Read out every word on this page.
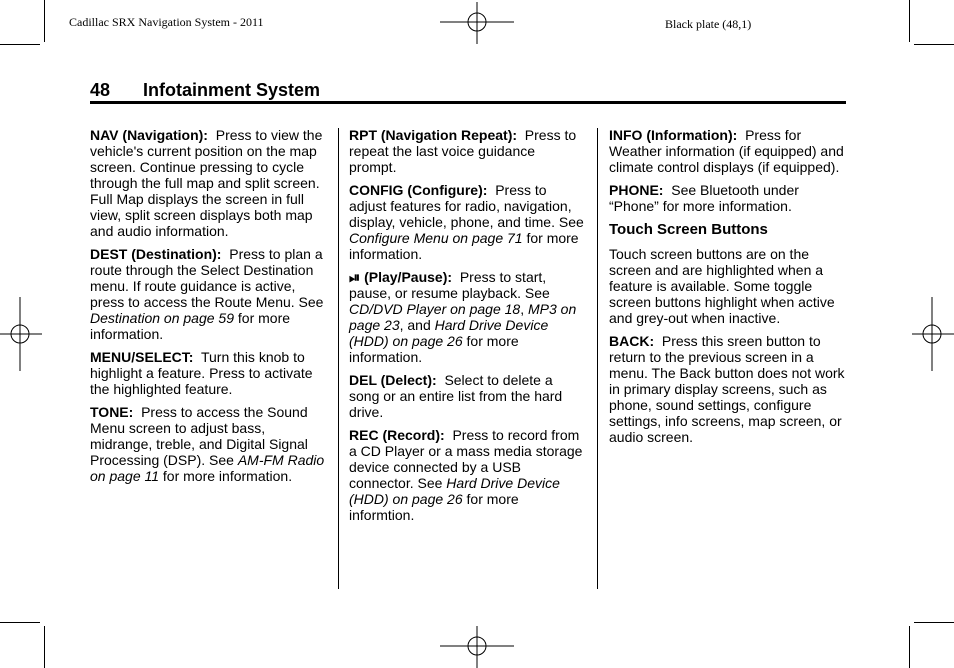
Cadillac SRX Navigation System - 2011	Black plate (48,1)
48 Infotainment System

NAV (Navigation): Press to view the vehicle's current position on the map screen. Continue pressing to cycle through the full map and split screen. Full Map displays the screen in full view, split screen displays both map and audio information.

DEST (Destination): Press to plan a route through the Select Destination menu. If route guidance is active, press to access the Route Menu. See Destination on page 59 for more information.

MENU/SELECT: Turn this knob to highlight a feature. Press to activate the highlighted feature.

TONE: Press to access the Sound Menu screen to adjust bass, midrange, treble, and Digital Signal Processing (DSP). See AM-FM Radio on page 11 for more information.

RPT (Navigation Repeat): Press to repeat the last voice guidance prompt.

CONFIG (Configure): Press to adjust features for radio, navigation, display, vehicle, phone, and time. See Configure Menu on page 71 for more information.

⏯ (Play/Pause): Press to start, pause, or resume playback. See CD/DVD Player on page 18, MP3 on page 23, and Hard Drive Device (HDD) on page 26 for more information.

DEL (Delect): Select to delete a song or an entire list from the hard drive.

REC (Record): Press to record from a CD Player or a mass media storage device connected by a USB connector. See Hard Drive Device (HDD) on page 26 for more informtion.

INFO (Information): Press for Weather information (if equipped) and climate control displays (if equipped).

PHONE: See Bluetooth under “Phone” for more information.

Touch Screen Buttons

Touch screen buttons are on the screen and are highlighted when a feature is available. Some toggle screen buttons highlight when active and grey-out when inactive.

BACK: Press this sreen button to return to the previous screen in a menu. The Back button does not work in primary display screens, such as phone, sound settings, configure settings, info screens, map screen, or audio screen.
